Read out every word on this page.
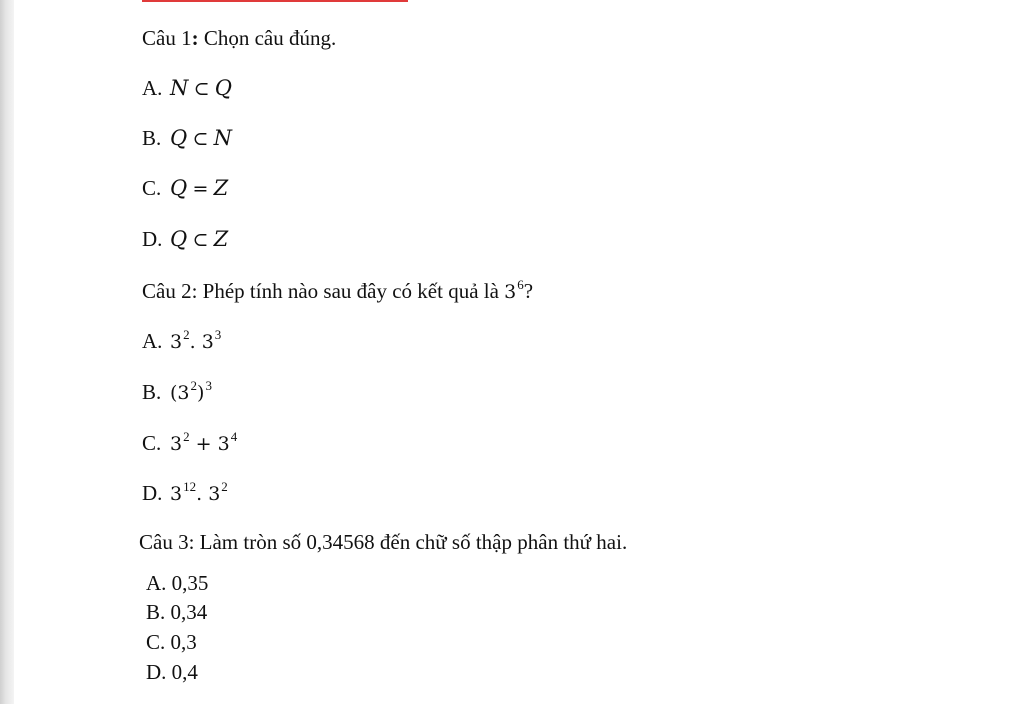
Câu 1: Chọn câu đúng.
A. N ⊂ Q
B. Q ⊂ N
C. Q = Z
D. Q ⊂ Z
Câu 2: Phép tính nào sau đây có kết quả là $3^6$?
A. $3^2$. $3^3$
B. $(3^2)^3$
C. $3^2 + 3^4$
D. $3^{12}$. $3^2$
Câu 3: Làm tròn số 0,34568 đến chữ số thập phân thứ hai.
A. 0,35
B. 0,34
C. 0,3
D. 0,4
